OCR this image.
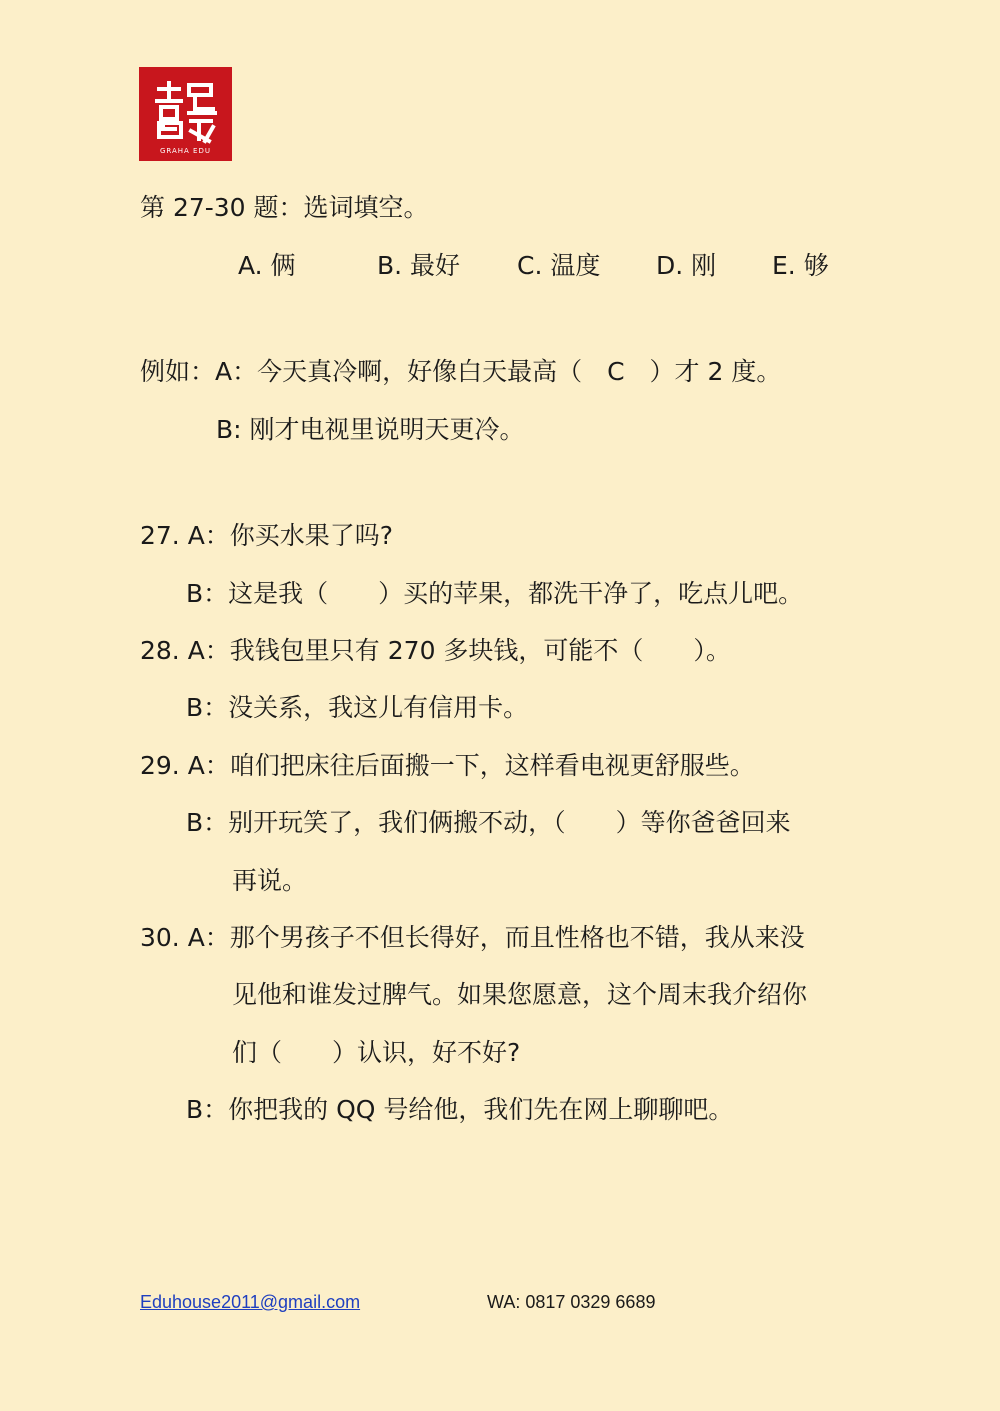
GRAHA EDU
第 27-30 题：选词填空。
A. 俩	B. 最好 C. 温度 D. 刚 E. 够
例如：A：今天真冷啊，好像白天最高（　C　）才 2 度。
B: 刚才电视里说明天更冷。
27. A：你买水果了吗?
B：这是我（　　）买的苹果，都洗干净了，吃点儿吧。
28. A：我钱包里只有 270 多块钱，可能不（　　）。
B：没关系，我这儿有信用卡。
29. A：咱们把床往后面搬一下，这样看电视更舒服些。
B：别开玩笑了，我们俩搬不动，（　　）等你爸爸回来
再说。
30. A：那个男孩子不但长得好，而且性格也不错，我从来没
见他和谁发过脾气。如果您愿意，这个周末我介绍你
们（　　）认识，好不好?
B：你把我的 QQ 号给他，我们先在网上聊聊吧。
Eduhouse2011@gmail.com	WA: 0817 0329 6689
